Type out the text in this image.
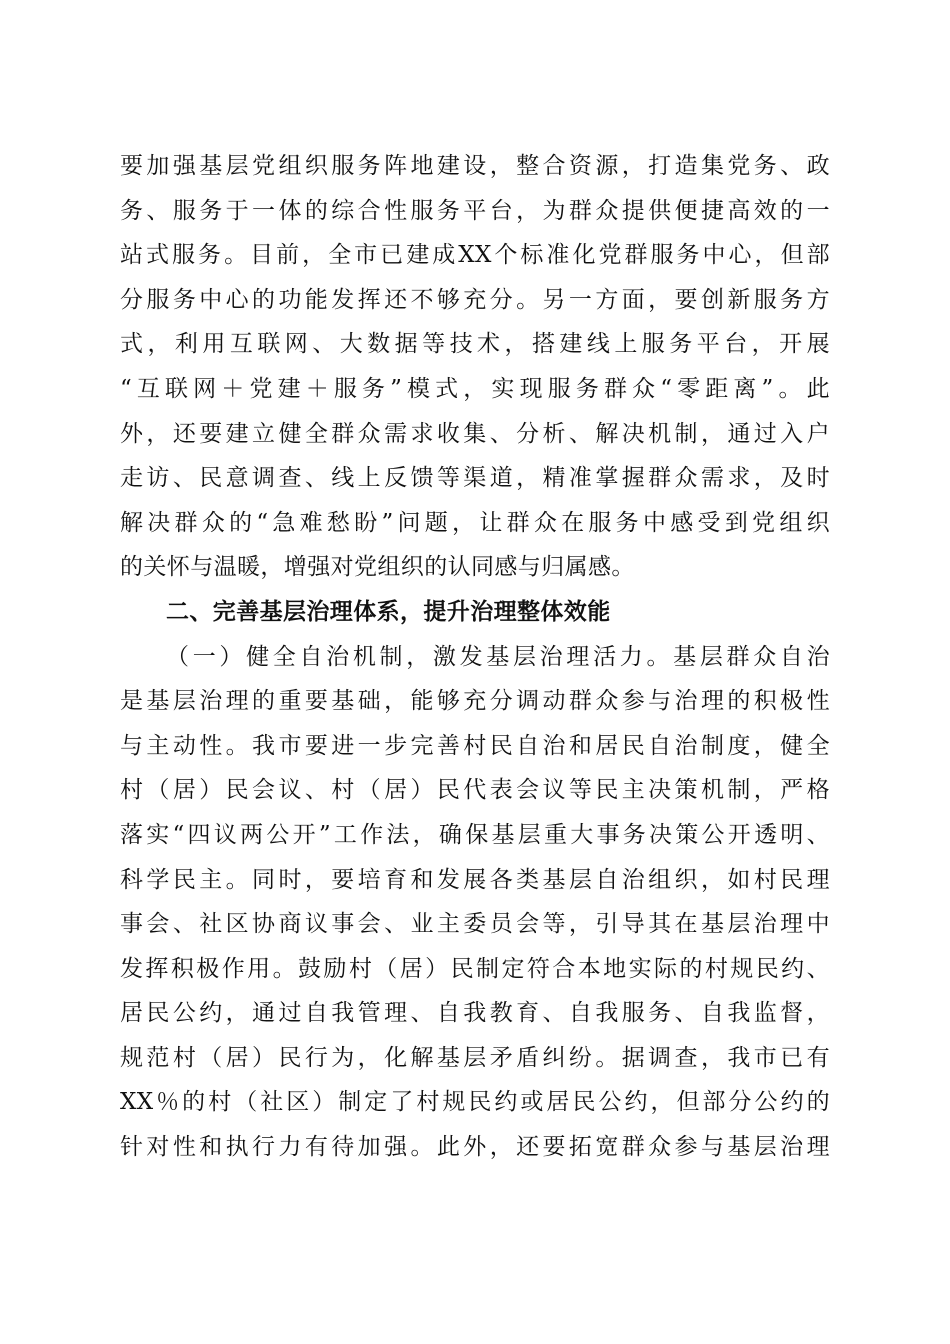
要加强基层党组织服务阵地建设，整合资源，打造集党务、政
务、服务于一体的综合性服务平台，为群众提供便捷高效的一
站式服务。目前，全市已建成XX个标准化党群服务中心，但部
分服务中心的功能发挥还不够充分。另一方面，要创新服务方
式，利用互联网、大数据等技术，搭建线上服务平台，开展
“互联网＋党建＋服务”模式，实现服务群众“零距离”。此
外，还要建立健全群众需求收集、分析、解决机制，通过入户
走访、民意调查、线上反馈等渠道，精准掌握群众需求，及时
解决群众的“急难愁盼”问题，让群众在服务中感受到党组织
的关怀与温暖，增强对党组织的认同感与归属感。
二、完善基层治理体系，提升治理整体效能
（一）健全自治机制，激发基层治理活力。基层群众自治
是基层治理的重要基础，能够充分调动群众参与治理的积极性
与主动性。我市要进一步完善村民自治和居民自治制度，健全
村（居）民会议、村（居）民代表会议等民主决策机制，严格
落实“四议两公开”工作法，确保基层重大事务决策公开透明、
科学民主。同时，要培育和发展各类基层自治组织，如村民理
事会、社区协商议事会、业主委员会等，引导其在基层治理中
发挥积极作用。鼓励村（居）民制定符合本地实际的村规民约、
居民公约，通过自我管理、自我教育、自我服务、自我监督，
规范村（居）民行为，化解基层矛盾纠纷。据调查，我市已有
XX％的村（社区）制定了村规民约或居民公约，但部分公约的
针对性和执行力有待加强。此外，还要拓宽群众参与基层治理
